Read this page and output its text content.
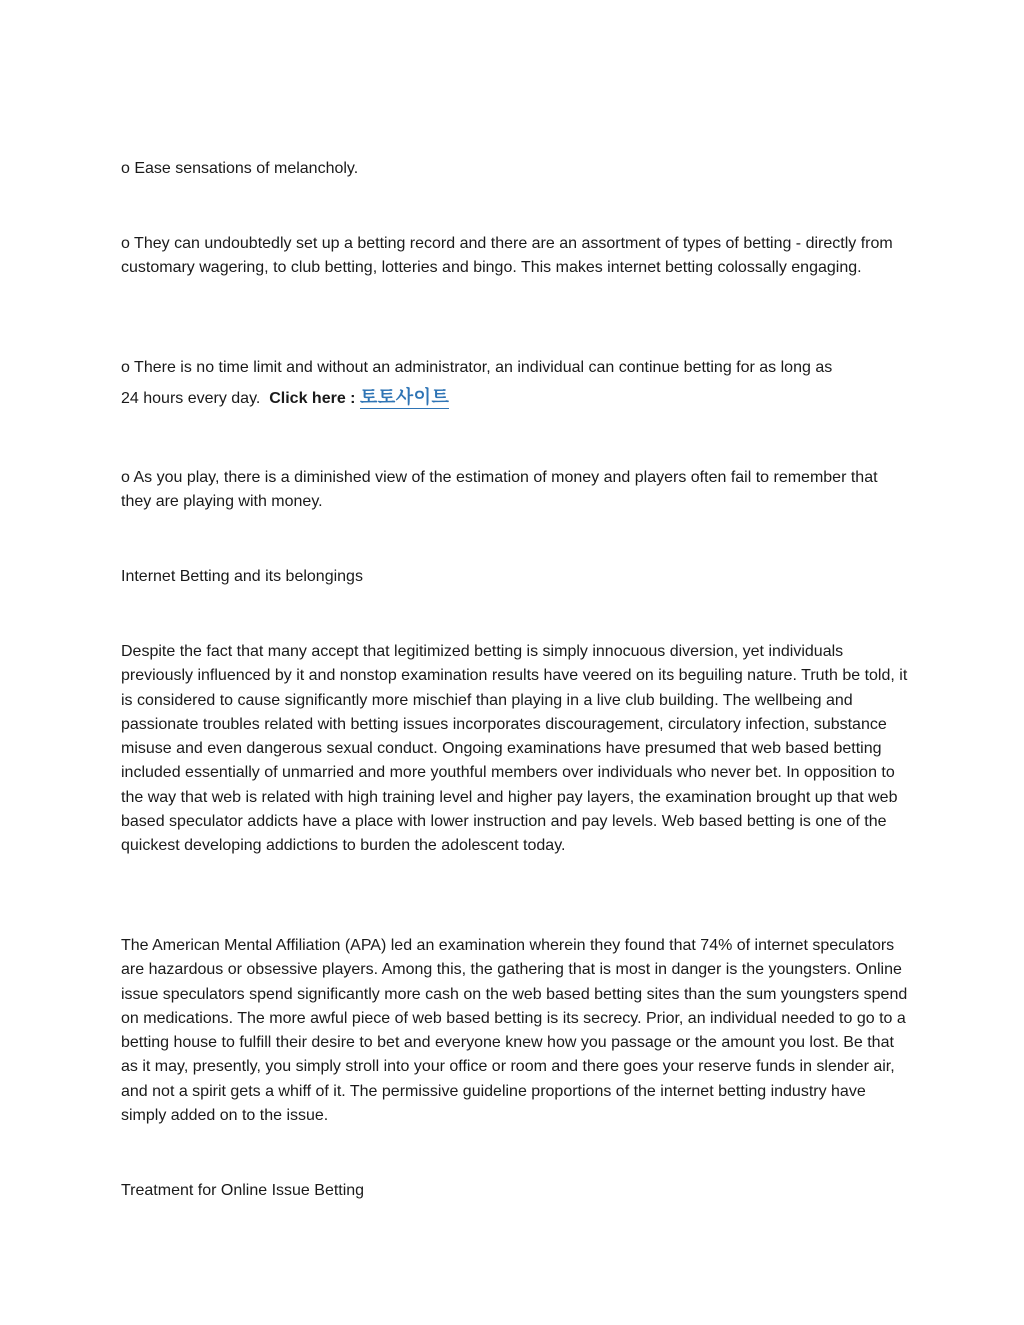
o Ease sensations of melancholy.

o They can undoubtedly set up a betting record and there are an assortment of types of betting - directly from customary wagering, to club betting, lotteries and bingo. This makes internet betting colossally engaging.

o There is no time limit and without an administrator, an individual can continue betting for as long as
24 hours every day. Click here : 토토사이트

o As you play, there is a diminished view of the estimation of money and players often fail to remember that they are playing with money.

Internet Betting and its belongings

Despite the fact that many accept that legitimized betting is simply innocuous diversion, yet individuals previously influenced by it and nonstop examination results have veered on its beguiling nature. Truth be told, it is considered to cause significantly more mischief than playing in a live club building. The wellbeing and passionate troubles related with betting issues incorporates discouragement, circulatory infection, substance misuse and even dangerous sexual conduct. Ongoing examinations have presumed that web based betting included essentially of unmarried and more youthful members over individuals who never bet. In opposition to the way that web is related with high training level and higher pay layers, the examination brought up that web based speculator addicts have a place with lower instruction and pay levels. Web based betting is one of the quickest developing addictions to burden the adolescent today.

The American Mental Affiliation (APA) led an examination wherein they found that 74% of internet speculators are hazardous or obsessive players. Among this, the gathering that is most in danger is the youngsters. Online issue speculators spend significantly more cash on the web based betting sites than the sum youngsters spend on medications. The more awful piece of web based betting is its secrecy. Prior, an individual needed to go to a betting house to fulfill their desire to bet and everyone knew how you passage or the amount you lost. Be that as it may, presently, you simply stroll into your office or room and there goes your reserve funds in slender air, and not a spirit gets a whiff of it. The permissive guideline proportions of the internet betting industry have simply added on to the issue.

Treatment for Online Issue Betting
